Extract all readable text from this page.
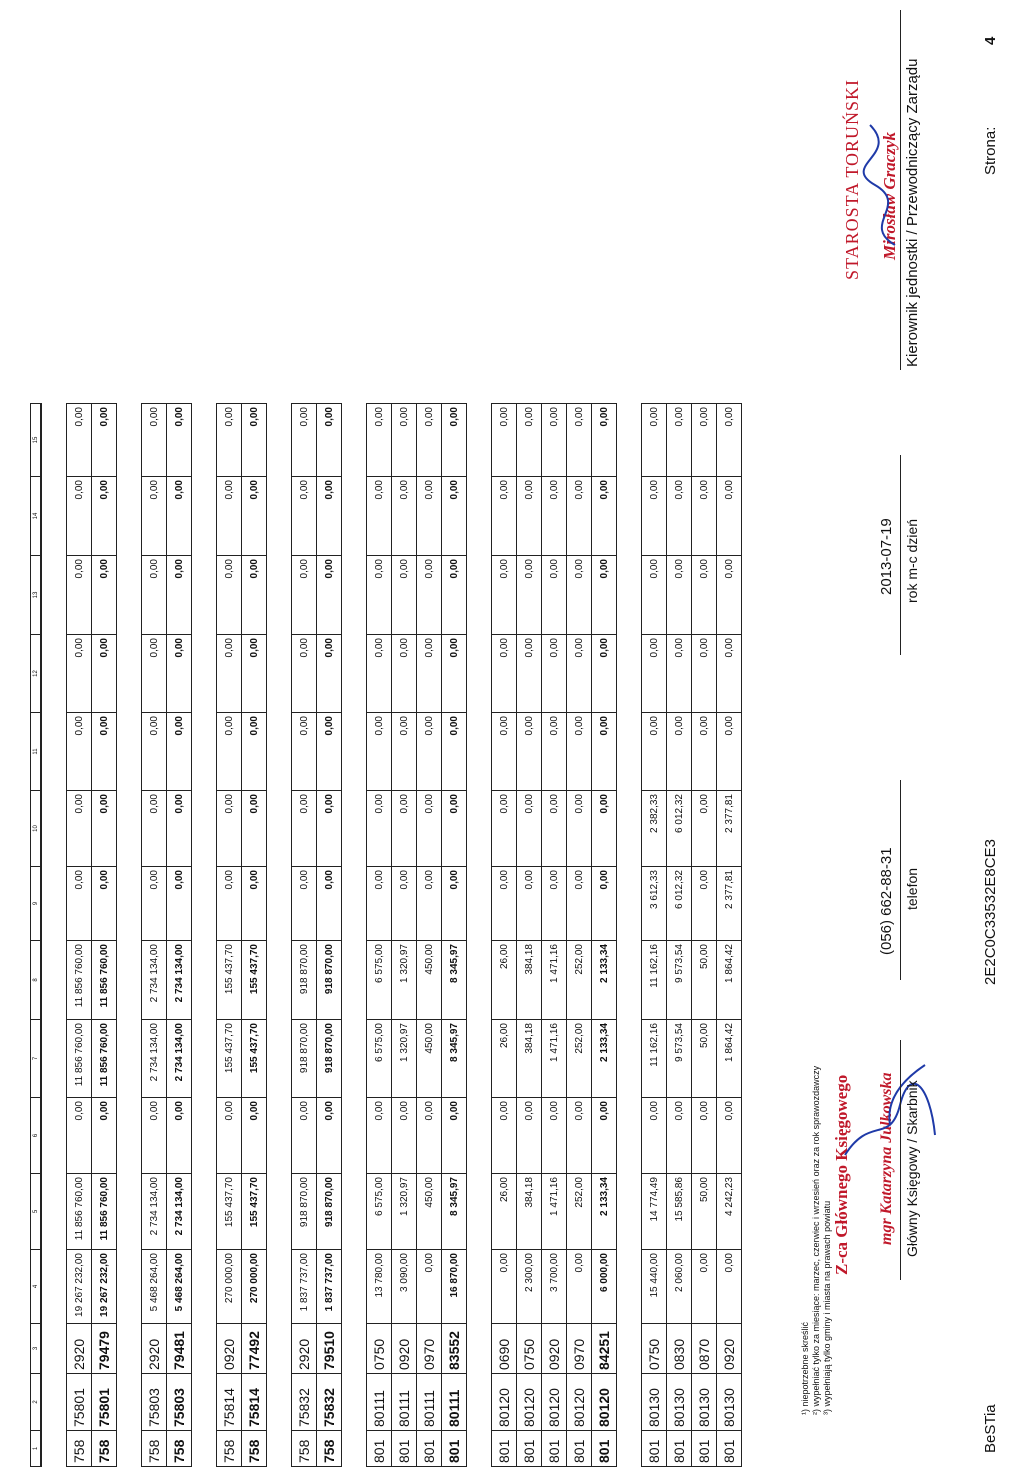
1	2	3	4	5	6	7	8	9	10	11	12	13	14	15

758	75801	2920	19 267 232,00	11 856 760,00	0,00	11 856 760,00	11 856 760,00	0,00	0,00	0,00	0,00	0,00	0,00	0,00
758	75801	79479	19 267 232,00	11 856 760,00	0,00	11 856 760,00	11 856 760,00	0,00	0,00	0,00	0,00	0,00	0,00	0,00

758	75803	2920	5 468 264,00	2 734 134,00	0,00	2 734 134,00	2 734 134,00	0,00	0,00	0,00	0,00	0,00	0,00	0,00
758	75803	79481	5 468 264,00	2 734 134,00	0,00	2 734 134,00	2 734 134,00	0,00	0,00	0,00	0,00	0,00	0,00	0,00

758	75814	0920	270 000,00	155 437,70	0,00	155 437,70	155 437,70	0,00	0,00	0,00	0,00	0,00	0,00	0,00
758	75814	77492	270 000,00	155 437,70	0,00	155 437,70	155 437,70	0,00	0,00	0,00	0,00	0,00	0,00	0,00

758	75832	2920	1 837 737,00	918 870,00	0,00	918 870,00	918 870,00	0,00	0,00	0,00	0,00	0,00	0,00	0,00
758	75832	79510	1 837 737,00	918 870,00	0,00	918 870,00	918 870,00	0,00	0,00	0,00	0,00	0,00	0,00	0,00

801	80111	0750	13 780,00	6 575,00	0,00	6 575,00	6 575,00	0,00	0,00	0,00	0,00	0,00	0,00	0,00
801	80111	0920	3 090,00	1 320,97	0,00	1 320,97	1 320,97	0,00	0,00	0,00	0,00	0,00	0,00	0,00
801	80111	0970	0,00	450,00	0,00	450,00	450,00	0,00	0,00	0,00	0,00	0,00	0,00	0,00
801	80111	83552	16 870,00	8 345,97	0,00	8 345,97	8 345,97	0,00	0,00	0,00	0,00	0,00	0,00	0,00

801	80120	0690	0,00	26,00	0,00	26,00	26,00	0,00	0,00	0,00	0,00	0,00	0,00	0,00
801	80120	0750	2 300,00	384,18	0,00	384,18	384,18	0,00	0,00	0,00	0,00	0,00	0,00	0,00
801	80120	0920	3 700,00	1 471,16	0,00	1 471,16	1 471,16	0,00	0,00	0,00	0,00	0,00	0,00	0,00
801	80120	0970	0,00	252,00	0,00	252,00	252,00	0,00	0,00	0,00	0,00	0,00	0,00	0,00
801	80120	84251	6 000,00	2 133,34	0,00	2 133,34	2 133,34	0,00	0,00	0,00	0,00	0,00	0,00	0,00

801	80130	0750	15 440,00	14 774,49	0,00	11 162,16	11 162,16	3 612,33	2 382,33	0,00	0,00	0,00	0,00	0,00
801	80130	0830	2 060,00	15 585,86	0,00	9 573,54	9 573,54	6 012,32	6 012,32	0,00	0,00	0,00	0,00	0,00
801	80130	0870	0,00	50,00	0,00	50,00	50,00	0,00	0,00	0,00	0,00	0,00	0,00	0,00
801	80130	0920	0,00	4 242,23	0,00	1 864,42	1 864,42	2 377,81	2 377,81	0,00	0,00	0,00	0,00	0,00
¹) niepotrzebne skreślić ²) wypełniać tylko za miesiące: marzec, czerwiec i wrzesień oraz za rok sprawozdawczy ³) wypełniają tylko gminy i miasta na prawach powiatu
Z-ca Głównego Księgowego mgr Katarzyna Julkowska Główny Księgowy / Skarbnik
(056) 662-88-31 telefon
2013-07-19 rok m-c dzień
STAROSTA TORUŃSKI Mirosław Graczyk Kierownik jednostki / Przewodniczący Zarządu
BeSTia
2E2C0C33532E8CE3
Strona:
4
